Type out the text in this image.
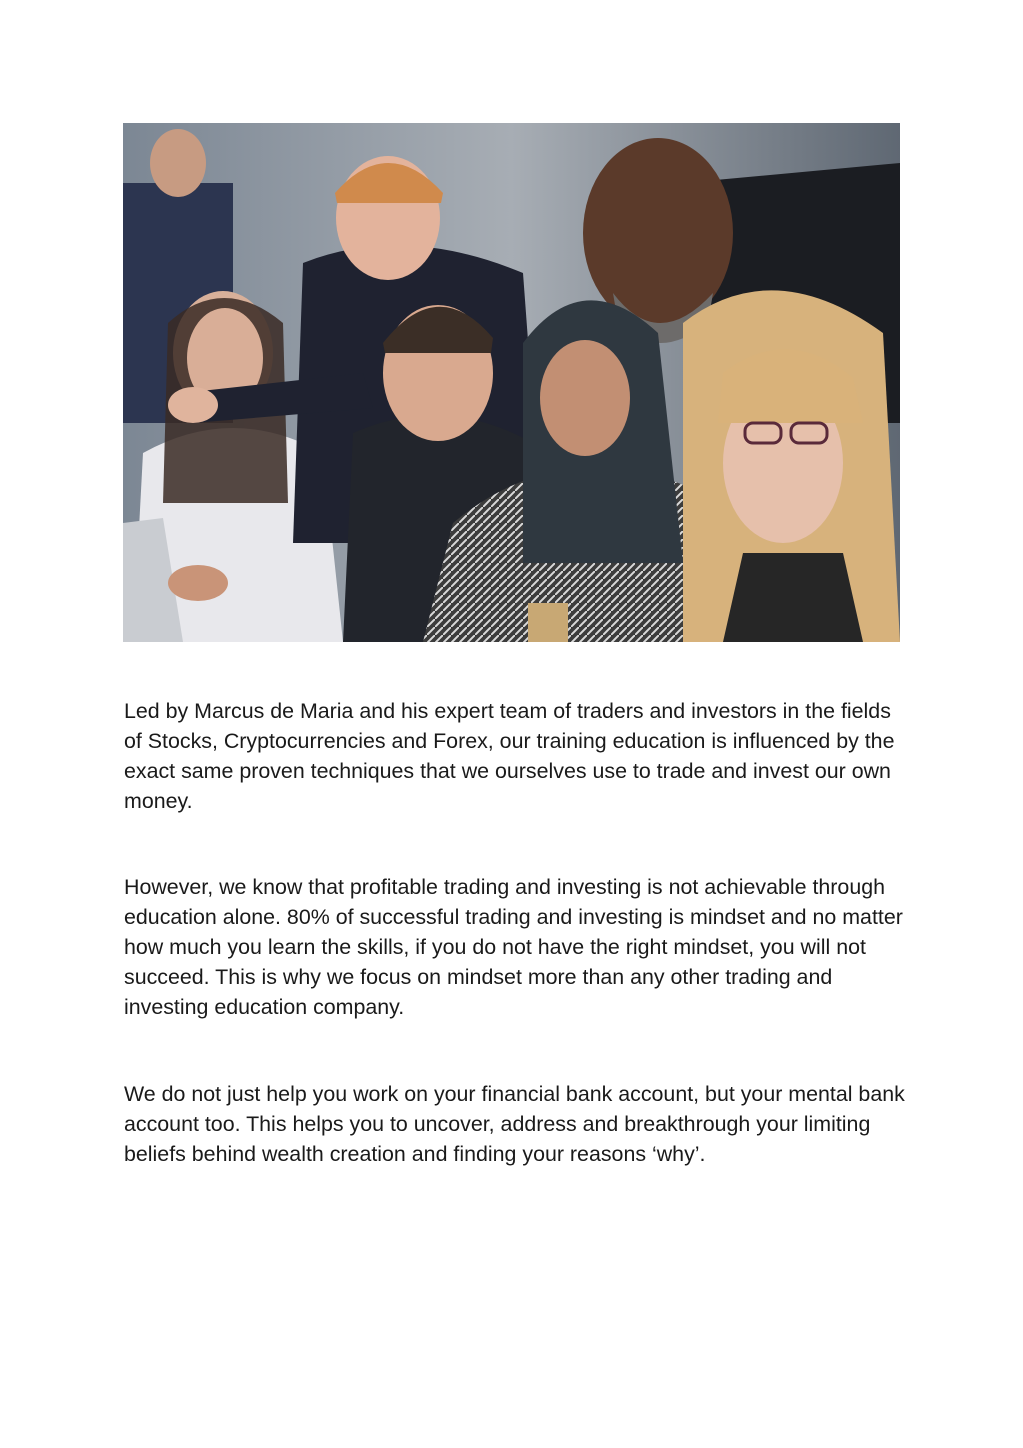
Led by Marcus de Maria and his expert team of traders and investors in the fields of Stocks, Cryptocurrencies and Forex, our training education is influenced by the exact same proven techniques that we ourselves use to trade and invest our own money.

However, we know that profitable trading and investing is not achievable through education alone. 80% of successful trading and investing is mindset and no matter how much you learn the skills, if you do not have the right mindset, you will not succeed. This is why we focus on mindset more than any other trading and investing education company.

We do not just help you work on your financial bank account, but your mental bank account too. This helps you to uncover, address and breakthrough your limiting beliefs behind wealth creation and finding your reasons ‘why’.
